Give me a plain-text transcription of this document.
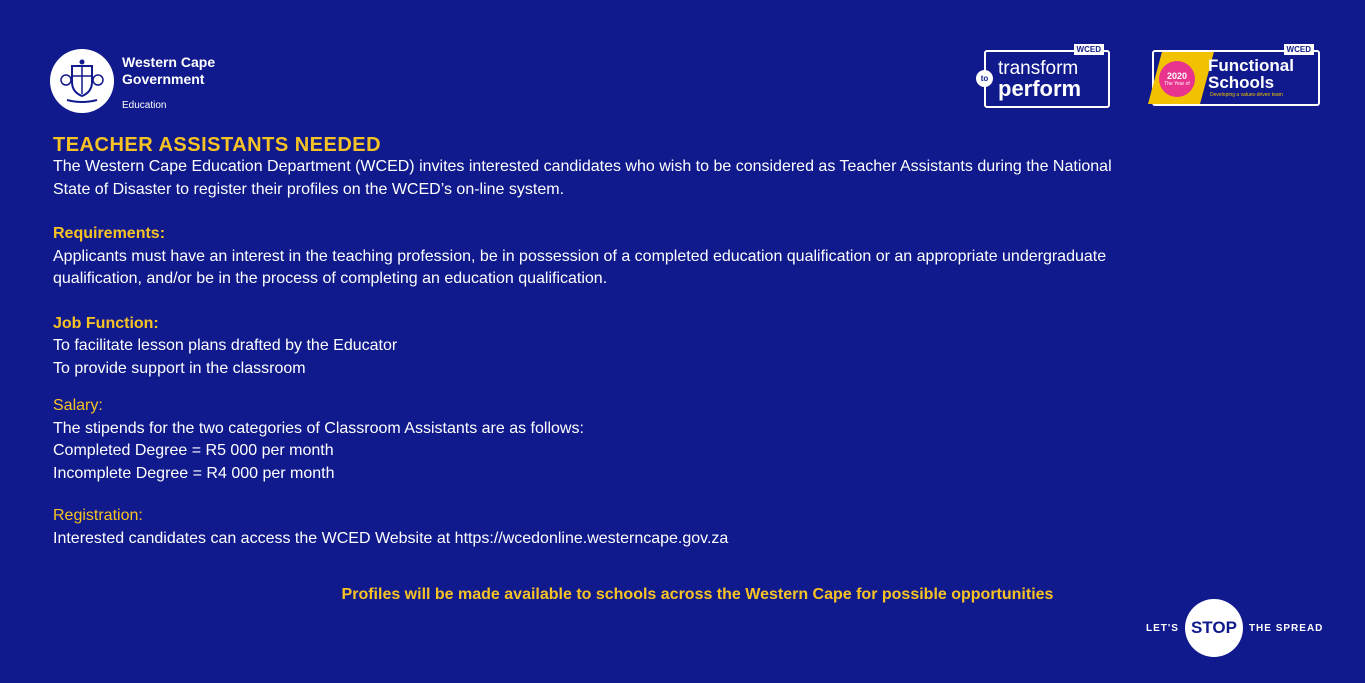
Western Cape Government
Education
WCED
to transform
perform
WCED
2020
The Year of
Functional
Schools
Developing a values-driven team
TEACHER ASSISTANTS NEEDED
The Western Cape Education Department (WCED) invites interested candidates who wish to be considered as Teacher Assistants during the National
State of Disaster to register their profiles on the WCED’s on-line system.
Requirements:
Applicants must have an interest in the teaching profession, be in possession of a completed education qualification or an appropriate undergraduate
qualification, and/or be in the process of completing an education qualification.
Job Function:
To facilitate lesson plans drafted by the Educator
To provide support in the classroom
Salary:
The stipends for the two categories of Classroom Assistants are as follows:
Completed Degree = R5 000 per month
Incomplete Degree = R4 000 per month
Registration:
Interested candidates can access the WCED Website at https://wcedonline.westerncape.gov.za
Profiles will be made available to schools across the Western Cape for possible opportunities
LET'S STOP	THE SPREAD
